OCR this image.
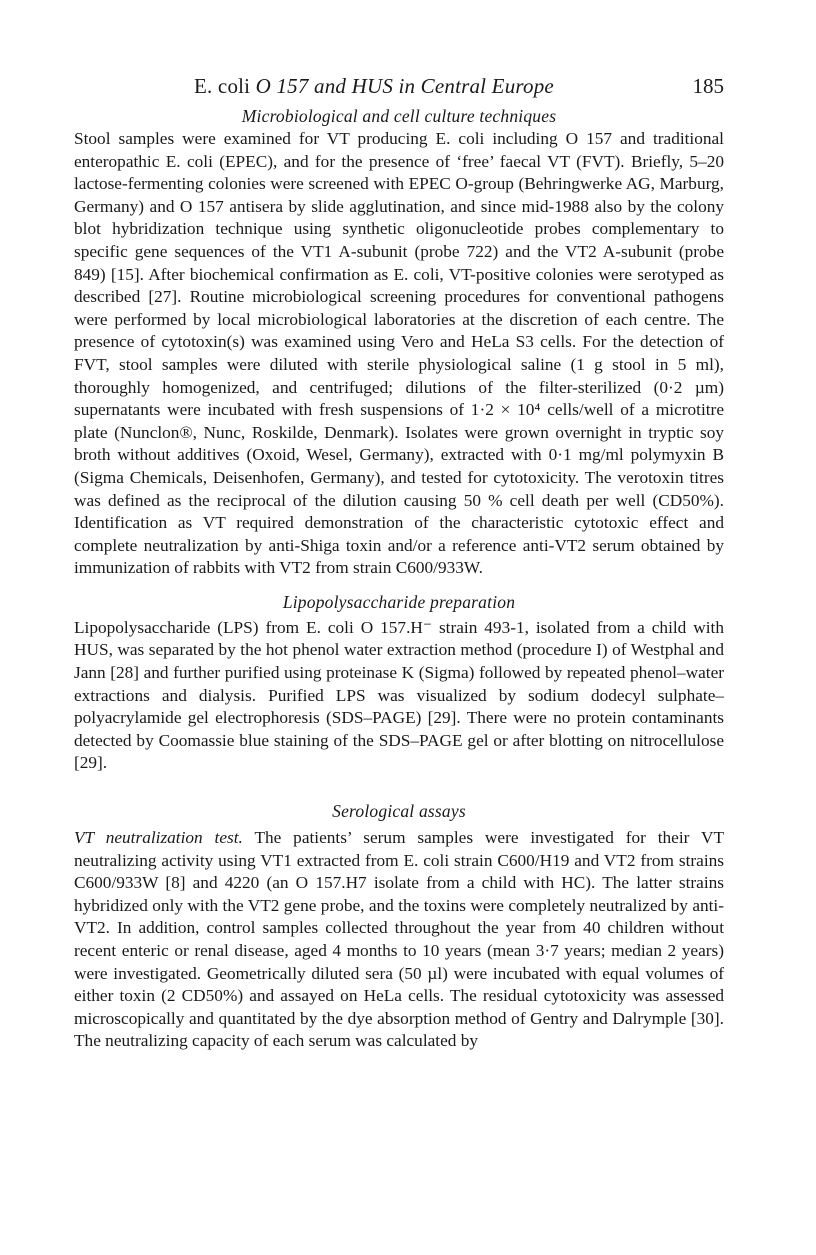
E. coli O 157 and HUS in Central Europe	185
Microbiological and cell culture techniques

Stool samples were examined for VT producing E. coli including O 157 and traditional enteropathic E. coli (EPEC), and for the presence of ‘free’ faecal VT (FVT). Briefly, 5–20 lactose-fermenting colonies were screened with EPEC O-group (Behringwerke AG, Marburg, Germany) and O 157 antisera by slide agglutination, and since mid-1988 also by the colony blot hybridization technique using synthetic oligonucleotide probes complementary to specific gene sequences of the VT1 A-subunit (probe 722) and the VT2 A-subunit (probe 849) [15]. After biochemical confirmation as E. coli, VT-positive colonies were serotyped as described [27]. Routine microbiological screening procedures for conventional pathogens were performed by local microbiological laboratories at the discretion of each centre. The presence of cytotoxin(s) was examined using Vero and HeLa S3 cells. For the detection of FVT, stool samples were diluted with sterile physiological saline (1 g stool in 5 ml), thoroughly homogenized, and centrifuged; dilutions of the filter-sterilized (0·2 µm) supernatants were incubated with fresh suspensions of 1·2 × 10⁴ cells/well of a microtitre plate (Nunclon®, Nunc, Roskilde, Denmark). Isolates were grown overnight in tryptic soy broth without additives (Oxoid, Wesel, Germany), extracted with 0·1 mg/ml polymyxin B (Sigma Chemicals, Deisenhofen, Germany), and tested for cytotoxicity. The verotoxin titres was defined as the reciprocal of the dilution causing 50 % cell death per well (CD50%). Identification as VT required demonstration of the characteristic cytotoxic effect and complete neutralization by anti-Shiga toxin and/or a reference anti-VT2 serum obtained by immunization of rabbits with VT2 from strain C600/933W.

Lipopolysaccharide preparation

Lipopolysaccharide (LPS) from E. coli O 157.H⁻ strain 493-1, isolated from a child with HUS, was separated by the hot phenol water extraction method (procedure I) of Westphal and Jann [28] and further purified using proteinase K (Sigma) followed by repeated phenol–water extractions and dialysis. Purified LPS was visualized by sodium dodecyl sulphate–polyacrylamide gel electrophoresis (SDS–PAGE) [29]. There were no protein contaminants detected by Coomassie blue staining of the SDS–PAGE gel or after blotting on nitrocellulose [29].

Serological assays

VT neutralization test. The patients’ serum samples were investigated for their VT neutralizing activity using VT1 extracted from E. coli strain C600/H19 and VT2 from strains C600/933W [8] and 4220 (an O 157.H7 isolate from a child with HC). The latter strains hybridized only with the VT2 gene probe, and the toxins were completely neutralized by anti-VT2. In addition, control samples collected throughout the year from 40 children without recent enteric or renal disease, aged 4 months to 10 years (mean 3·7 years; median 2 years) were investigated. Geometrically diluted sera (50 µl) were incubated with equal volumes of either toxin (2 CD50%) and assayed on HeLa cells. The residual cytotoxicity was assessed microscopically and quantitated by the dye absorption method of Gentry and Dalrymple [30]. The neutralizing capacity of each serum was calculated by
